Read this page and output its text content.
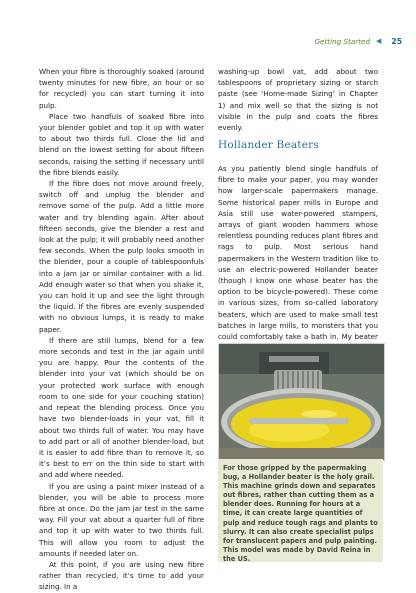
Getting Started ◀ 25

When your fibre is thoroughly soaked (around twenty minutes for new fibre, an hour or so for recycled) you can start turning it into pulp.

Place two handfuls of soaked fibre into your blender goblet and top it up with water to about two thirds full. Close the lid and blend on the lowest setting for about fifteen seconds, raising the setting if necessary until the fibre blends easily.

If the fibre does not move around freely, switch off and unplug the blender and remove some of the pulp. Add a little more water and try blending again. After about fifteen seconds, give the blender a rest and look at the pulp; it will probably need another few seconds. When the pulp looks smooth in the blender, pour a couple of tablespoonfuls into a jam jar or similar container with a lid. Add enough water so that when you shake it, you can hold it up and see the light through the liquid. If the fibres are evenly suspended with no obvious lumps, it is ready to make paper.

If there are still lumps, blend for a few more seconds and test in the jar again until you are happy. Pour the contents of the blender into your vat (which should be on your protected work surface with enough room to one side for your couching station) and repeat the blending process. Once you have two blender-loads in your vat, fill it about two thirds full of water. You may have to add part or all of another blender-load, but it is easier to add fibre than to remove it, so it’s best to err on the thin side to start with and add where needed.

If you are using a paint mixer instead of a blender, you will be able to process more fibre at once. Do the jam jar test in the same way. Fill your vat about a quarter full of fibre and top it up with water to two thirds full. This will allow you room to adjust the amounts if needed later on.

At this point, if you are using new fibre rather than recycled, it’s time to add your sizing. In a

washing-up bowl vat, add about two tablespoons of proprietary sizing or starch paste (see ‘Home-made Sizing’ in Chapter 1) and mix well so that the sizing is not visible in the pulp and coats the fibres evenly.

Hollander Beaters

As you patiently blend single handfuls of fibre to make your paper, you may wonder how larger-scale papermakers manage. Some historical paper mills in Europe and Asia still use water-powered stampers, arrays of giant wooden hammers whose relentless pounding reduces plant fibres and rags to pulp. Most serious hand papermakers in the Western tradition like to use an electric-powered Hollander beater (though I know one whose beater has the option to be bicycle-powered). These come in various sizes, from so-called laboratory beaters, which are used to make small test batches in large mills, to monsters that you could comfortably take a bath in. My beater

For those gripped by the papermaking bug, a Hollander beater is the holy grail. This machine grinds down and separates out fibres, rather than cutting them as a blender does. Running for hours at a time, it can create large quantities of pulp and reduce tough rags and plants to slurry. It can also create specialist pulps for translucent papers and pulp painting. This model was made by David Reina in the US.
